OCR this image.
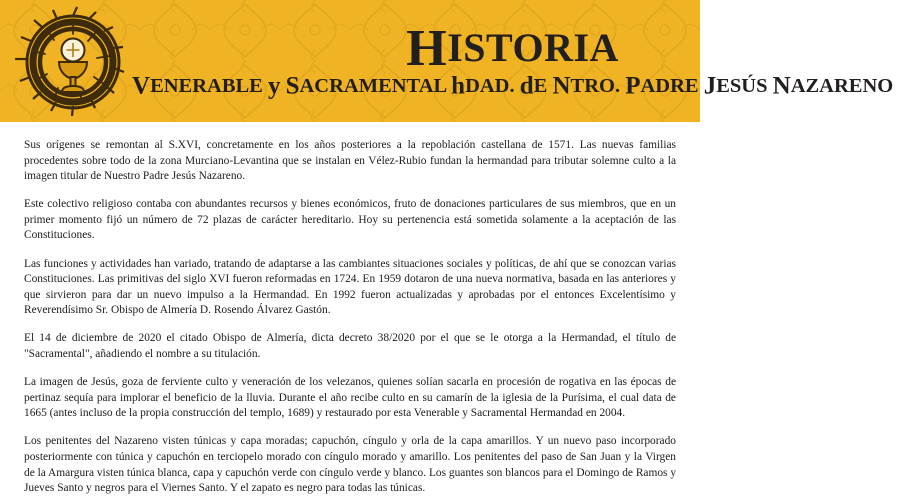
HISTORIA
VENERABLE y SACRAMENTAL hDAD. dE NTRO. PADRE JESÚS NAZARENO

Sus orígenes se remontan al S.XVI, concretamente en los años posteriores a la repoblación castellana de 1571. Las nuevas familias procedentes sobre todo de la zona Murciano-Levantina que se instalan en Vélez-Rubio fundan la hermandad para tributar solemne culto a la imagen titular de Nuestro Padre Jesús Nazareno.

Este colectivo religioso contaba con abundantes recursos y bienes económicos, fruto de donaciones particulares de sus miembros, que en un primer momento fijó un número de 72 plazas de carácter hereditario. Hoy su pertenencia está sometida solamente a la aceptación de las Constituciones.

Las funciones y actividades han variado, tratando de adaptarse a las cambiantes situaciones sociales y políticas, de ahí que se conozcan varias Constituciones. Las primitivas del siglo XVI fueron reformadas en 1724. En 1959 dotaron de una nueva normativa, basada en las anteriores y que sirvieron para dar un nuevo impulso a la Hermandad. En 1992 fueron actualizadas y aprobadas por el entonces Excelentísimo y Reverendísimo Sr. Obispo de Almería D. Rosendo Álvarez Gastón.

El 14 de diciembre de 2020 el citado Obispo de Almería, dicta decreto 38/2020 por el que se le otorga a la Hermandad, el título de "Sacramental", añadiendo el nombre a su titulación.

La imagen de Jesús, goza de ferviente culto y veneración de los velezanos, quienes solían sacarla en procesión de rogativa en las épocas de pertinaz sequía para implorar el beneficio de la lluvia. Durante el año recibe culto en su camarín de la iglesia de la Purísima, el cual data de 1665 (antes incluso de la propia construcción del templo, 1689) y restaurado por esta Venerable y Sacramental Hermandad en 2004.

Los penitentes del Nazareno visten túnicas y capa moradas; capuchón, cíngulo y orla de la capa amarillos. Y un nuevo paso incorporado posteriormente con túnica y capuchón en terciopelo morado con cíngulo morado y amarillo. Los penitentes del paso de San Juan y la Virgen de la Amargura visten túnica blanca, capa y capuchón verde con cíngulo verde y blanco. Los guantes son blancos para el Domingo de Ramos y Jueves Santo y negros para el Viernes Santo. Y el zapato es negro para todas las túnicas.
